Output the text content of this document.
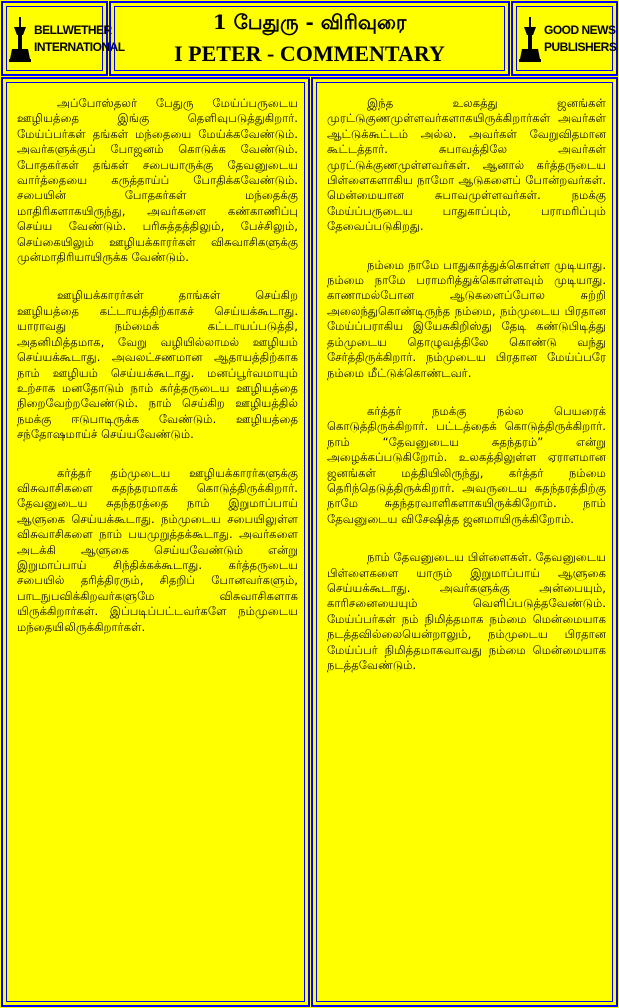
BELLWETHER
INTERNATIONAL
1 பேதுரு - விரிவுரை
I PETER - COMMENTARY
GOOD NEWS
PUBLISHERS

அப்போஸ்தலர் பேதுரு மேய்ப்பருடைய ஊழியத்தை இங்கு தெளிவுபடுத்துகிறார். மேய்ப்பர்கள் தங்கள் மந்தையை மேய்க்கவேண்டும். அவர்களுக்குப் போஜனம் கொடுக்க வேண்டும். போதகர்கள் தங்கள் சபையாருக்கு தேவனுடைய வார்த்தையை கருத்தாய்ப் போதிக்கவேண்டும். சபையின் போதகர்கள் மந்தைக்கு மாதிரிகளாகயிருந்து, அவர்களை கண்காணிப்பு செய்ய வேண்டும். பரிசுத்தத்திலும், பேச்சிலும், செய்கையிலும் ஊழியக்காரர்கள் விசுவாசிகளுக்கு முன்மாதிரியாயிருக்க வேண்டும்.

ஊழியக்காரர்கள் தாங்கள் செய்கிற ஊழியத்தை கட்டாயத்திற்காகச் செய்யக்கூடாது. யாராவது நம்மைக் கட்டாயப்படுத்தி, அதனிமித்தமாக, வேறு வழியில்லாமல் ஊழியம் செய்யக்கூடாது. அவலட்சணமான ஆதாயத்திற்காக நாம் ஊழியம் செய்யக்கூடாது. மனப்பூர்வமாயும் உற்சாக மனதோடும் நாம் கர்த்தருடைய ஊழியத்தை நிறைவேற்றவேண்டும். நாம் செய்கிற ஊழியத்தில் நமக்கு ஈடுபாடிருக்க வேண்டும். ஊழியத்தை சந்தோஷமாய்ச் செய்யவேண்டும்.

கர்த்தர் தம்முடைய ஊழியக்காரர்களுக்கு விசுவாசிகளை சுதந்தரமாகக் கொடுத்திருக்கிறார். தேவனுடைய சுதந்தரத்தை நாம் இறுமாப்பாய் ஆளுகை செய்யக்கூடாது. நம்முடைய சபையிலுள்ள விசுவாசிகளை நாம் பயமுறுத்தக்கூடாது. அவர்களை அடக்கி ஆளுகை செய்யவேண்டும் என்று இறுமாப்பாய் சிந்திக்கக்கூடாது. கர்த்தருடைய சபையில் தரித்திரரும், சிதறிப் போனவர்களும், பாடநுபவிக்கிறவர்களுமே விசுவாசிகளாக யிருக்கிறார்கள். இப்படிப்பட்டவர்களே நம்முடைய மந்தையிலிருக்கிறார்கள்.

இந்த உலகத்து ஜனங்கள் முரட்டுகுணமுள்ளவர்களாகயிருக்கிறார்கள் அவர்கள் ஆட்டுக்கூட்டம் அல்ல. அவர்கள் வேறுவிதமான கூட்டத்தார். சுபாவத்திலே அவர்கள் முரட்டுக்குணமுள்ளவர்கள். ஆனால் கர்த்தருடைய பிள்ளைகளாகிய நாமோ ஆடுகளைப் போன்றவர்கள். மென்மையான சுபாவமுள்ளவர்கள். நமக்கு மேய்ப்பருடைய பாதுகாப்பும், பராமரிப்பும் தேவைப்படுகிறது.

நம்மை நாமே பாதுகாத்துக்கொள்ள முடியாது. நம்மை நாமே பராமரித்துக்கொள்ளவும் முடியாது. காணாமல்போன ஆடுகளைப்போல சுற்றி அலைந்துகொண்டிருந்த நம்மை, நம்முடைய பிரதான மேய்ப்பராகிய இயேசுகிறிஸ்து தேடி கண்டுபிடித்து தம்முடைய தொழுவத்திலே கொண்டு வந்து சேர்த்திருக்கிறார். நம்முடைய பிரதான மேய்ப்பரே நம்மை மீட்டுக்கொண்டவர்.

கர்த்தர் நமக்கு நல்ல பெயரைக் கொடுத்திருக்கிறார். பட்டத்தைக் கொடுத்திருக்கிறார். நாம் “தேவனுடைய சுதந்தரம்” என்று அழைக்கப்படுகிறோம். உலகத்திலுள்ள ஏராளமான ஜனங்கள் மத்தியிலிருந்து, கர்த்தர் நம்மை தெரிந்தெடுத்திருக்கிறார். அவருடைய சுதந்தரத்திற்கு நாமே சுதந்தரவாளிகளாகயிருக்கிறோம். நாம் தேவனுடைய விசேஷித்த ஜனமாயிருக்கிறோம்.

நாம் தேவனுடைய பிள்ளைகள். தேவனுடைய பிள்ளைகளை யாரும் இறுமாப்பாய் ஆளுகை செய்யக்கூடாது. அவர்களுக்கு அன்பையும், காரிசனையையும் வெளிப்படுத்தவேண்டும். மேய்ப்பர்கள் நம் நிமித்தமாக நம்மை மென்மையாக நடத்தவில்லையென்றாலும், நம்முடைய பிரதான மேய்ப்பர் நிமித்தமாகவாவது நம்மை மென்மையாக நடத்தவேண்டும்.
